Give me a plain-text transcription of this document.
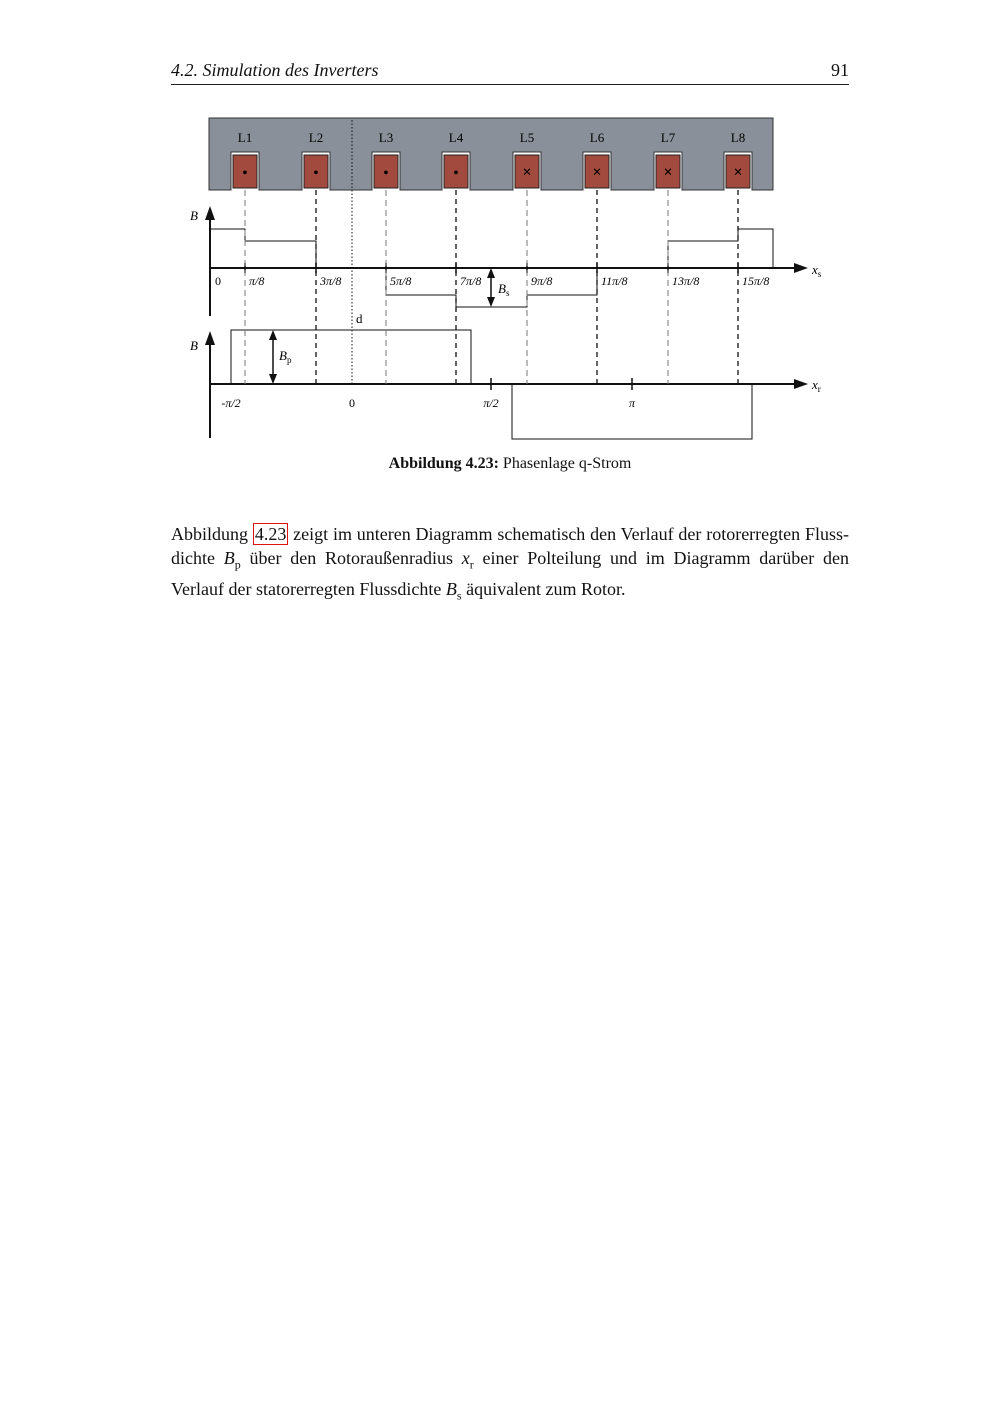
4.2. Simulation des Inverters	91
L1
•
L2
•
L3
•
L4
•
L5
×
L6
×
L7
×
L8
×
d
B
$x_s$
0 π/8	3π/8	5π/8	7π/8	9π/8	11π/8	13π/8	15π/8
$B_s$
B
$x_r$
-π/2	0	π/2	π
$B_p$
Abbildung 4.23: Phasenlage q-Strom
Abbildung 4.23 zeigt im unteren Diagramm schematisch den Verlauf der rotorerregten Flussdichte $B_p$ über den Rotoraußenradius $x_r$ einer Polteilung und im Diagramm darüber den Verlauf der statorerregten Flussdichte $B_s$ äquivalent zum Rotor.
